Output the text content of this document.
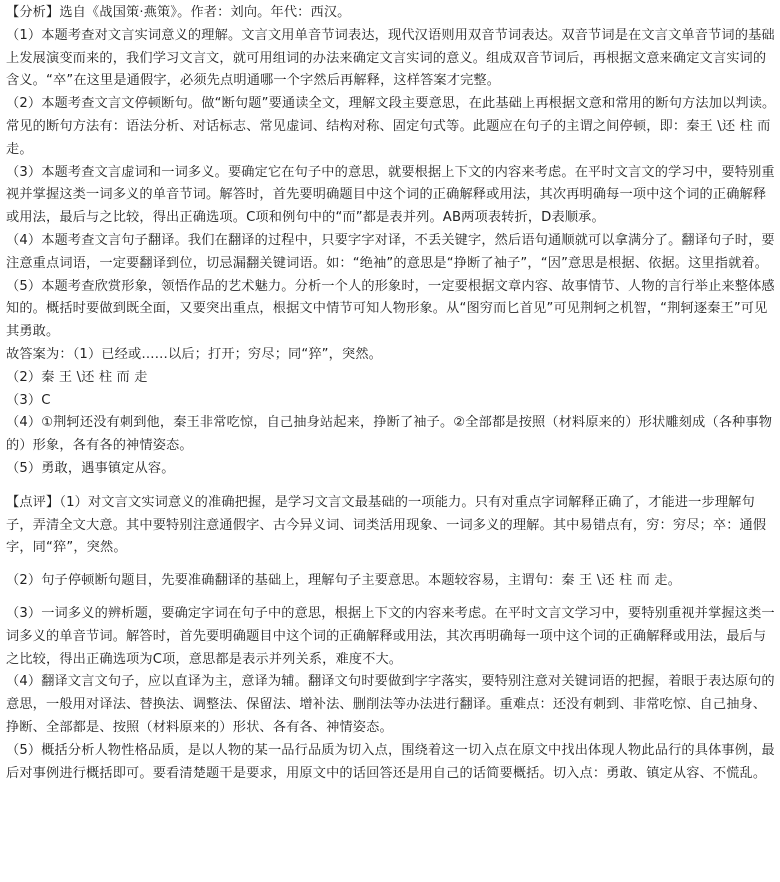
【分析】选自《战国策·燕策》。作者：刘向。年代：西汉。

（1）本题考查对文言实词意义的理解。文言文用单音节词表达，现代汉语则用双音节词表达。双音节词是在文言文单音节词的基础上发展演变而来的，我们学习文言文，就可用组词的办法来确定文言实词的意义。组成双音节词后，再根据文意来确定文言实词的含义。“卒”在这里是通假字，必须先点明通哪一个字然后再解释，这样答案才完整。

（2）本题考查文言文停顿断句。做“断句题”要通读全文，理解文段主要意思，在此基础上再根据文意和常用的断句方法加以判读。常见的断句方法有：语法分析、对话标志、常见虚词、结构对称、固定句式等。此题应在句子的主谓之间停顿，即：秦王 \还 柱 而 走。

（3）本题考查文言虚词和一词多义。要确定它在句子中的意思，就要根据上下文的内容来考虑。在平时文言文的学习中，要特别重视并掌握这类一词多义的单音节词。解答时，首先要明确题目中这个词的正确解释或用法，其次再明确每一项中这个词的正确解释或用法，最后与之比较，得出正确选项。C项和例句中的“而”都是表并列。AB两项表转折，D表顺承。

（4）本题考查文言句子翻译。我们在翻译的过程中，只要字字对译，不丢关键字，然后语句通顺就可以拿满分了。翻译句子时，要注意重点词语，一定要翻译到位，切忌漏翻关键词语。如：“绝袖”的意思是“挣断了袖子”，“因”意思是根据、依据。这里指就着。

（5）本题考查欣赏形象，领悟作品的艺术魅力。分析一个人的形象时，一定要根据文章内容、故事情节、人物的言行举止来整体感知的。概括时要做到既全面，又要突出重点，根据文中情节可知人物形象。从“图穷而匕首见”可见荆轲之机智，“荆轲逐秦王”可见其勇敢。

故答案为：（1）已经或……以后；打开；穷尽；同“猝”，突然。

（2）秦 王 \还 柱 而 走

（3）C

（4）①荆轲还没有刺到他，秦王非常吃惊，自己抽身站起来，挣断了袖子。②全部都是按照（材料原来的）形状雕刻成（各种事物的）形象，各有各的神情姿态。

（5）勇敢，遇事镇定从容。

【点评】（1）对文言文实词意义的准确把握，是学习文言文最基础的一项能力。只有对重点字词解释正确了，才能进一步理解句子，弄清全文大意。其中要特别注意通假字、古今异义词、词类活用现象、一词多义的理解。其中易错点有，穷：穷尽；卒：通假字，同“猝”，突然。

（2）句子停顿断句题目，先要准确翻译的基础上，理解句子主要意思。本题较容易，主谓句：秦 王 \还 柱 而 走。

（3）一词多义的辨析题，要确定字词在句子中的意思，根据上下文的内容来考虑。在平时文言文学习中，要特别重视并掌握这类一词多义的单音节词。解答时，首先要明确题目中这个词的正确解释或用法，其次再明确每一项中这个词的正确解释或用法，最后与之比较，得出正确选项为C项，意思都是表示并列关系，难度不大。

（4）翻译文言文句子，应以直译为主，意译为辅。翻译文句时要做到字字落实，要特别注意对关键词语的把握，着眼于表达原句的意思，一般用对译法、替换法、调整法、保留法、增补法、删削法等办法进行翻译。重难点：还没有刺到、非常吃惊、自己抽身、挣断、全部都是、按照（材料原来的）形状、各有各、神情姿态。

（5）概括分析人物性格品质，是以人物的某一品行品质为切入点，围绕着这一切入点在原文中找出体现人物此品行的具体事例，最后对事例进行概括即可。要看清楚题干是要求，用原文中的话回答还是用自己的话简要概括。切入点：勇敢、镇定从容、不慌乱。
